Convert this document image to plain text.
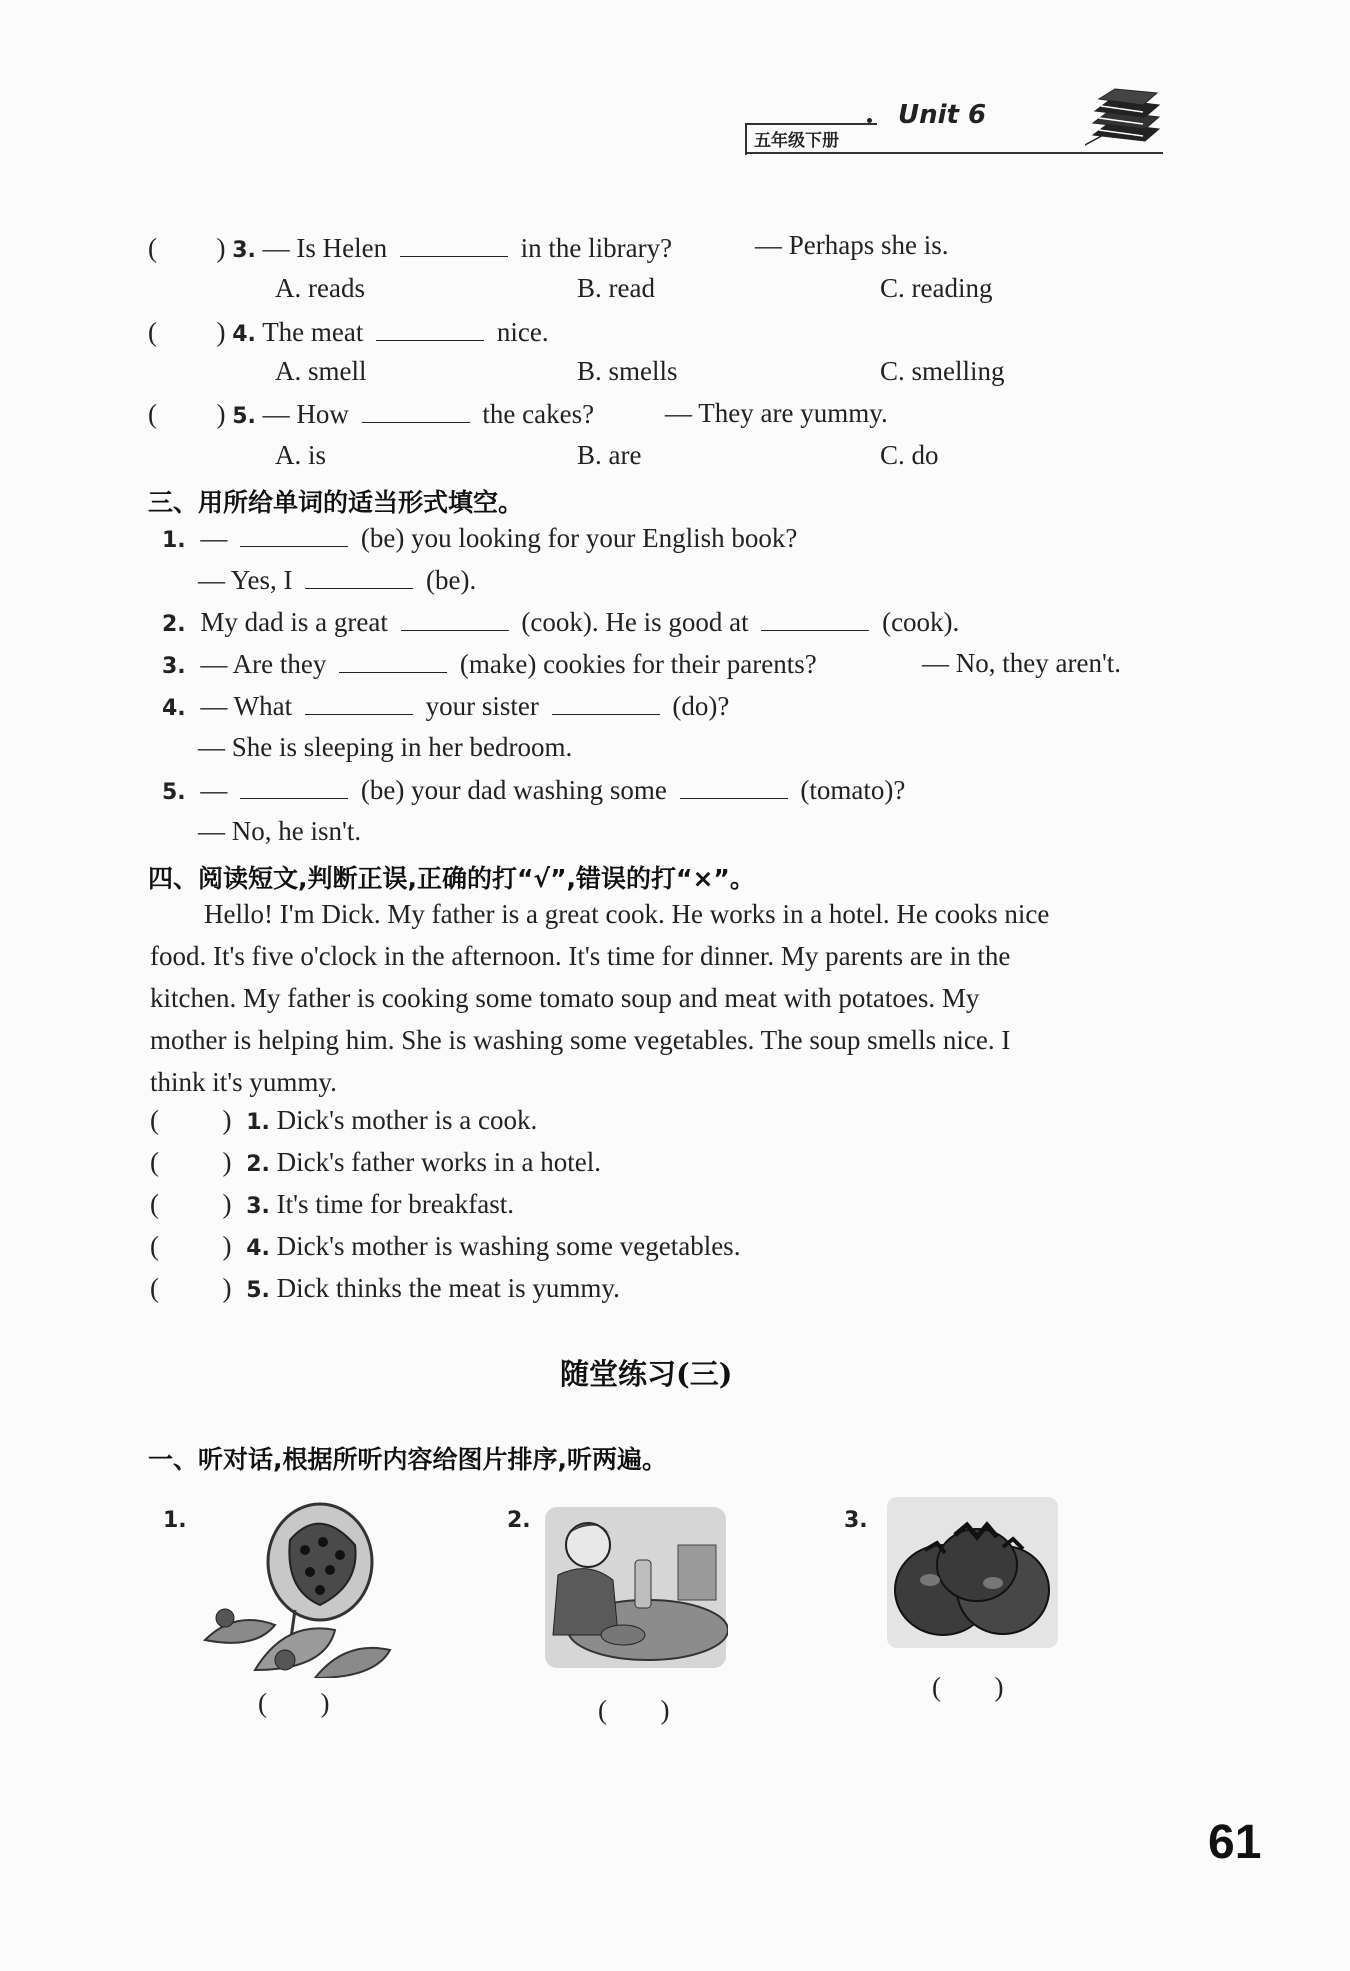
五年级下册
Unit 6
( ) 3. — Is Helen	in the library?	— Perhaps she is.
A. reads	B. read	C. reading
( ) 4. The meat	nice.
A. smell	B. smells	C. smelling
( ) 5. — How	the cakes?	— They are yummy.
A. is	B. are	C. do
三、用所给单词的适当形式填空。
1. —	(be) you looking for your English book?
— Yes, I	(be).
2. My dad is a great	(cook). He is good at	(cook).
3. — Are they	(make) cookies for their parents?	— No, they aren't.
4. — What	your sister	(do)?
— She is sleeping in her bedroom.
5. —	(be) your dad washing some	(tomato)?
— No, he isn't.
四、阅读短文,判断正误,正确的打“√”,错误的打“×”。

Hello! I'm Dick. My father is a great cook. He works in a hotel. He cooks nice

food. It's five o'clock in the afternoon. It's time for dinner. My parents are in the

kitchen. My father is cooking some tomato soup and meat with potatoes. My

mother is helping him. She is washing some vegetables. The soup smells nice. I

think it's yummy.

( ) 1. Dick's mother is a cook.
( ) 2. Dick's father works in a hotel.
( ) 3. It's time for breakfast.
( ) 4. Dick's mother is washing some vegetables.
( ) 5. Dick thinks the meat is yummy.
随堂练习(三)
一、听对话,根据所听内容给图片排序,听两遍。
1.
( )
2.
( )
3.
( )
61
